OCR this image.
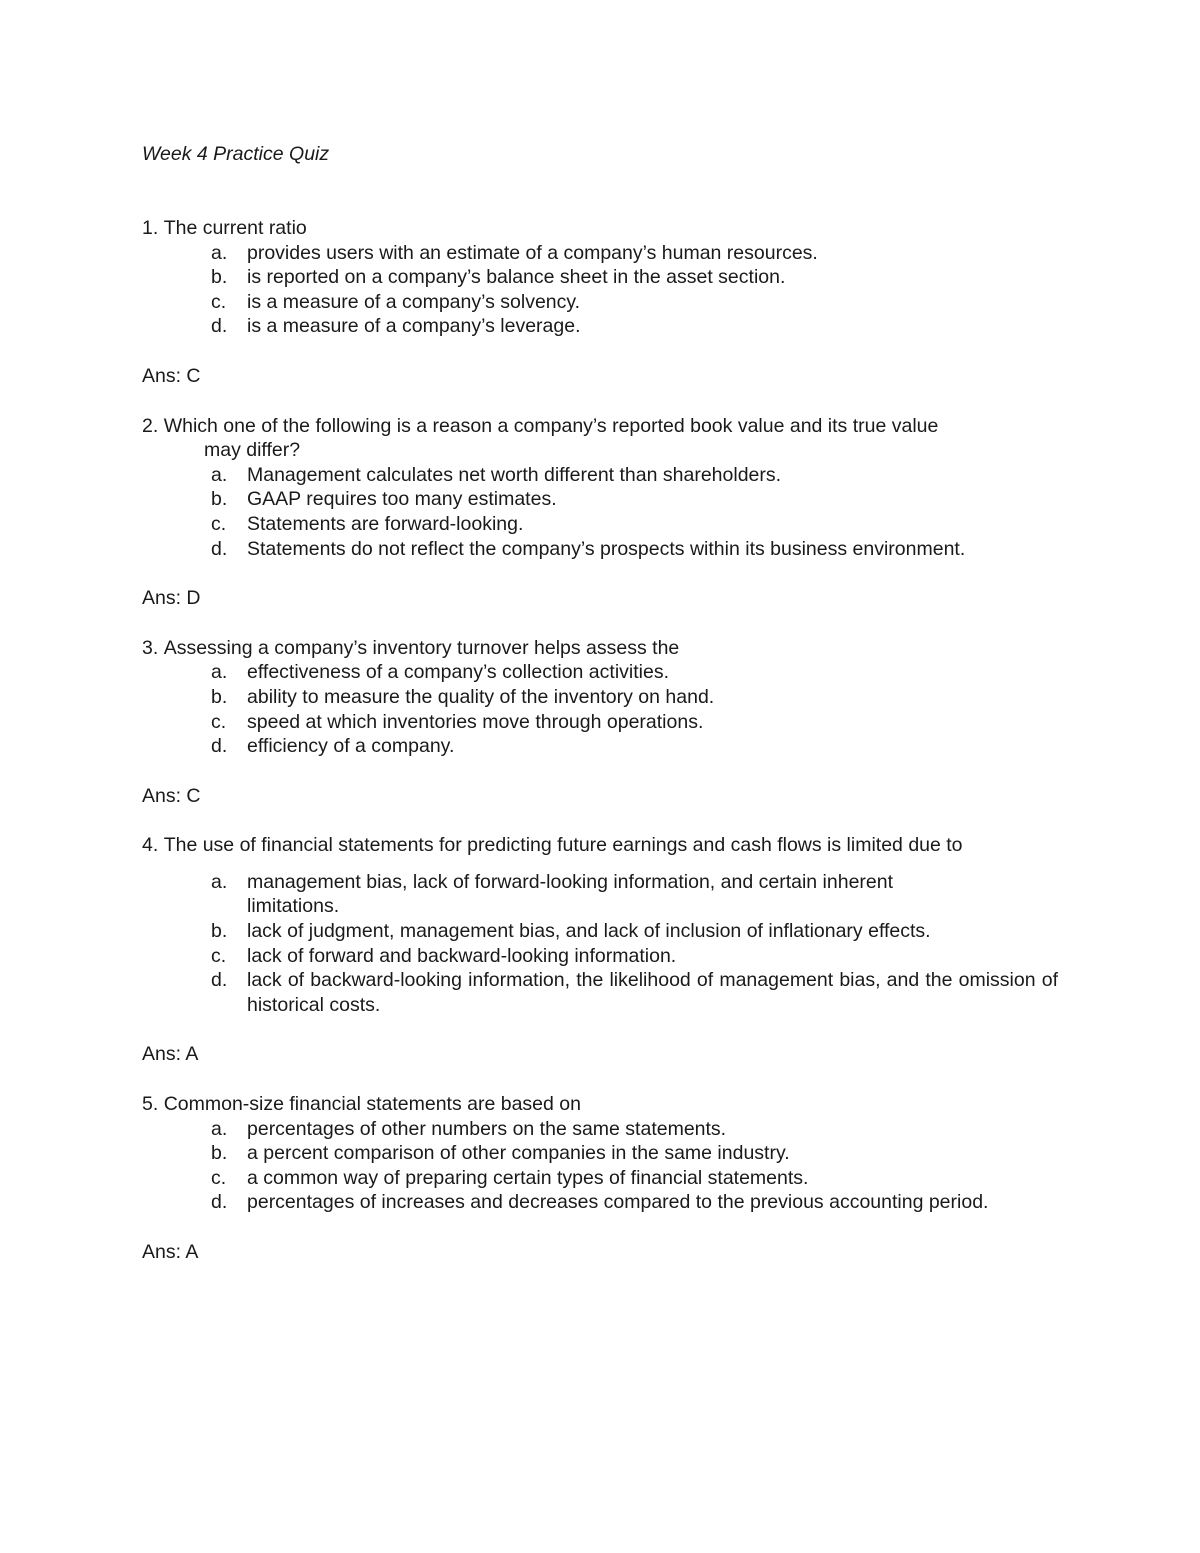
Week 4 Practice Quiz

1.
The current ratio
a.	provides users with an estimate of a company’s human resources.
b.	is reported on a company’s balance sheet in the asset section.
c.	is a measure of a company’s solvency.
d.	is a measure of a company’s leverage.

Ans: C

2.
Which one of the following is a reason a company’s reported book value and its true value
may differ?
a.	Management calculates net worth different than shareholders.
b.	GAAP requires too many estimates.
c.	Statements are forward-looking.
d.	Statements do not reflect the company’s prospects within its business environment.

Ans: D

3.
Assessing a company’s inventory turnover helps assess the
a.	effectiveness of a company’s collection activities.
b.	ability to measure the quality of the inventory on hand.
c.	speed at which inventories move through operations.
d.	efficiency of a company.

Ans: C

4.
The use of financial statements for predicting future earnings and cash flows is limited due to
a.	management bias, lack of forward-looking information, and certain inherent limitations.
b.	lack of judgment, management bias, and lack of inclusion of inflationary effects.
c.	lack of forward and backward-looking information.
d.	lack of backward-looking information, the likelihood of management bias, and the omission of historical costs.

Ans: A

5.
Common-size financial statements are based on
a.	percentages of other numbers on the same statements.
b.	a percent comparison of other companies in the same industry.
c.	a common way of preparing certain types of financial statements.
d.	percentages of increases and decreases compared to the previous accounting period.

Ans: A
